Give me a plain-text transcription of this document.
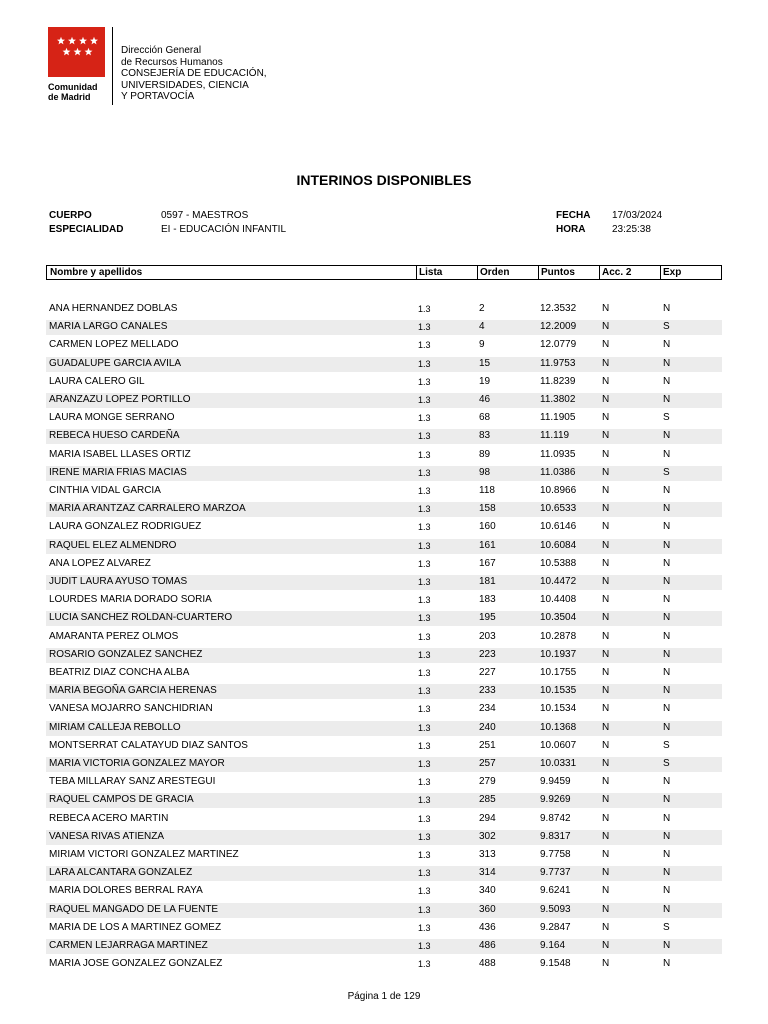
Comunidad
de Madrid
Dirección General
de Recursos Humanos
CONSEJERÍA DE EDUCACIÓN,
UNIVERSIDADES, CIENCIA
Y PORTAVOCÍA
INTERINOS DISPONIBLES
CUERPO	0597 - MAESTROS
ESPECIALIDAD	EI - EDUCACIÓN INFANTIL
FECHA 17/03/2024
HORA	23:25:38
Nombre y apellidos	Lista	Orden	Puntos	Acc. 2	Exp
ANA HERNANDEZ DOBLAS	1.3	2	12.3532	N	N
MARIA LARGO CANALES	1.3	4	12.2009	N	S
CARMEN LOPEZ MELLADO	1.3	9	12.0779	N	N
GUADALUPE GARCIA AVILA	1.3	15	11.9753	N	N
LAURA CALERO GIL	1.3	19	11.8239	N	N
ARANZAZU LOPEZ PORTILLO	1.3	46	11.3802	N	N
LAURA MONGE SERRANO	1.3	68	11.1905	N	S
REBECA HUESO CARDEÑA	1.3	83	11.119	N	N
MARIA ISABEL LLASES ORTIZ	1.3	89	11.0935	N	N
IRENE MARIA FRIAS MACIAS	1.3	98	11.0386	N	S
CINTHIA VIDAL GARCIA	1.3	118	10.8966	N	N
MARIA ARANTZAZ CARRALERO MARZOA	1.3	158	10.6533	N	N
LAURA GONZALEZ RODRIGUEZ	1.3	160	10.6146	N	N
RAQUEL ELEZ ALMENDRO	1.3	161	10.6084	N	N
ANA LOPEZ ALVAREZ	1.3	167	10.5388	N	N
JUDIT LAURA AYUSO TOMAS	1.3	181	10.4472	N	N
LOURDES MARIA DORADO SORIA	1.3	183	10.4408	N	N
LUCIA SANCHEZ ROLDAN-CUARTERO	1.3	195	10.3504	N	N
AMARANTA PEREZ OLMOS	1.3	203	10.2878	N	N
ROSARIO GONZALEZ SANCHEZ	1.3	223	10.1937	N	N
BEATRIZ DIAZ CONCHA ALBA	1.3	227	10.1755	N	N
MARIA BEGOÑA GARCIA HERENAS	1.3	233	10.1535	N	N
VANESA MOJARRO SANCHIDRIAN	1.3	234	10.1534	N	N
MIRIAM CALLEJA REBOLLO	1.3	240	10.1368	N	N
MONTSERRAT CALATAYUD DIAZ SANTOS	1.3	251	10.0607	N	S
MARIA VICTORIA GONZALEZ MAYOR	1.3	257	10.0331	N	S
TEBA MILLARAY SANZ ARESTEGUI	1.3	279	9.9459	N	N
RAQUEL CAMPOS DE GRACIA	1.3	285	9.9269	N	N
REBECA ACERO MARTIN	1.3	294	9.8742	N	N
VANESA RIVAS ATIENZA	1.3	302	9.8317	N	N
MIRIAM VICTORI GONZALEZ MARTINEZ	1.3	313	9.7758	N	N
LARA ALCANTARA GONZALEZ	1.3	314	9.7737	N	N
MARIA DOLORES BERRAL RAYA	1.3	340	9.6241	N	N
RAQUEL MANGADO DE LA FUENTE	1.3	360	9.5093	N	N
MARIA DE LOS A MARTINEZ GOMEZ	1.3	436	9.2847	N	S
CARMEN LEJARRAGA MARTINEZ	1.3	486	9.164	N	N
MARIA JOSE GONZALEZ GONZALEZ	1.3	488	9.1548	N	N
Página 1 de 129
